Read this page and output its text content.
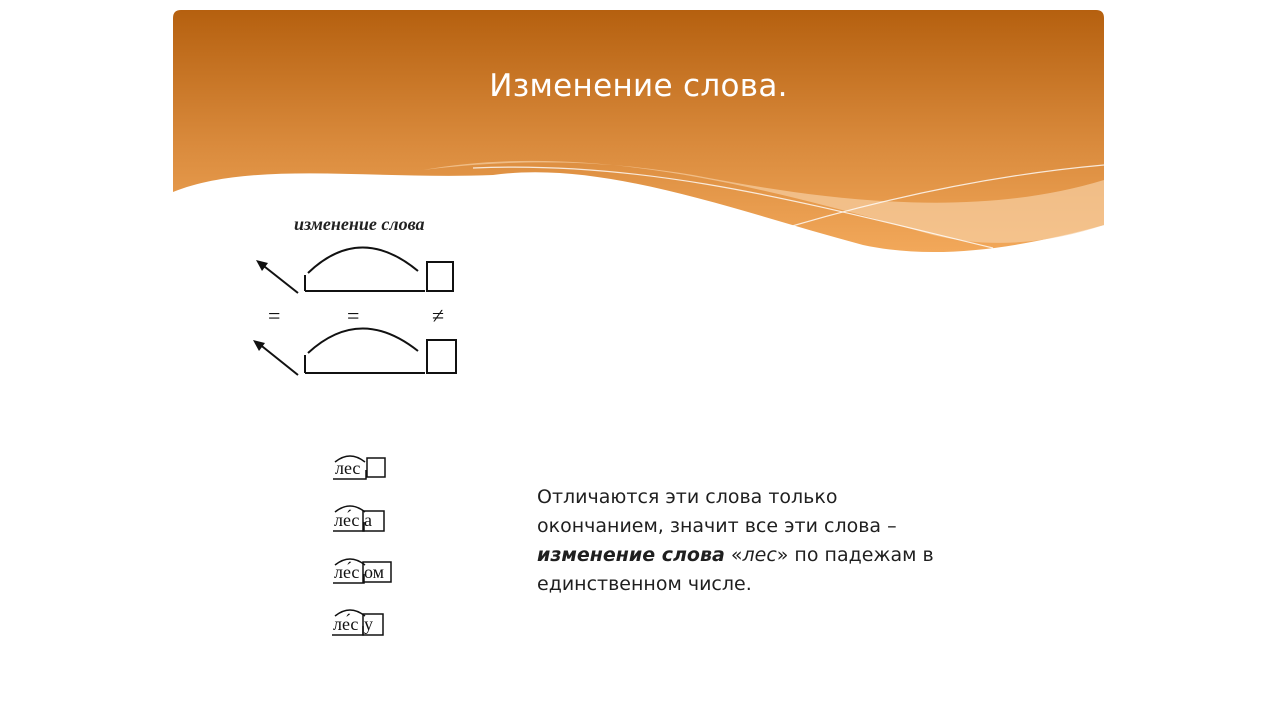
Изменение слова.
изменение слова
=	=	≠
лес
ле́с а
ле́с ом
ле́с у
Отличаются эти слова только окончанием, значит все эти слова – изменение слова «лес» по падежам в единственном числе.
